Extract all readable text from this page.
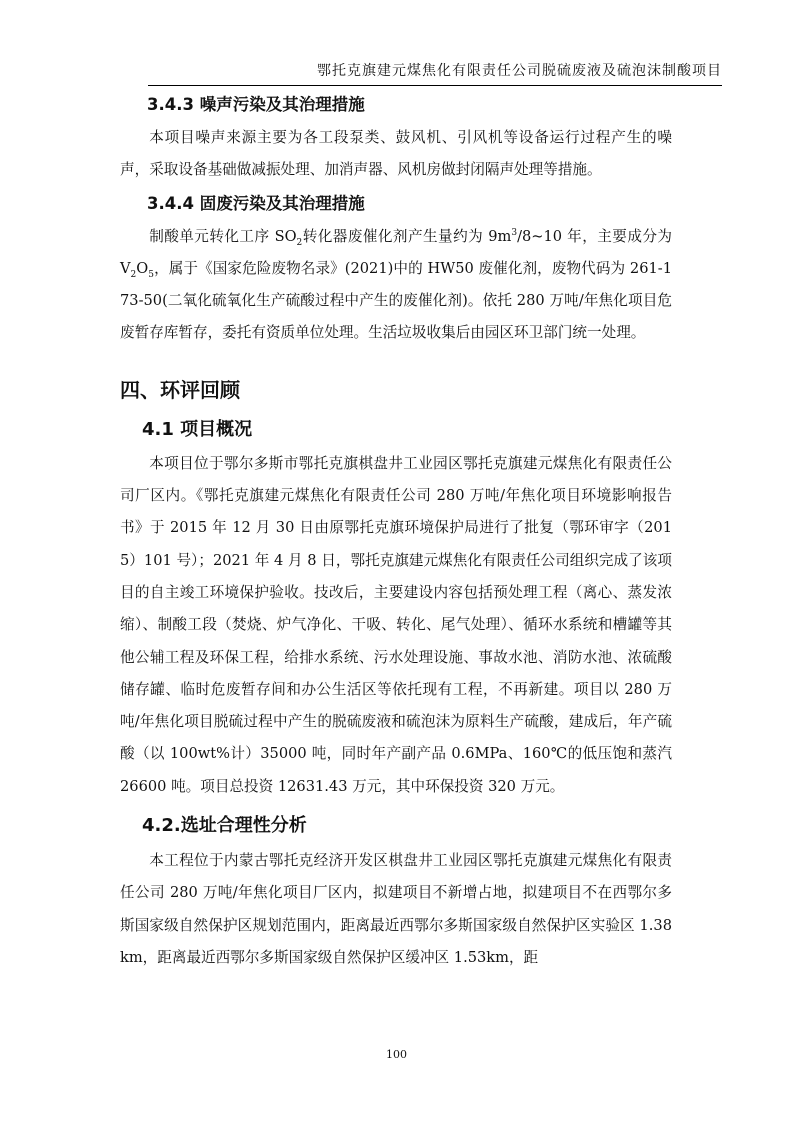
鄂托克旗建元煤焦化有限责任公司脱硫废液及硫泡沫制酸项目
3.4.3 噪声污染及其治理措施

本项目噪声来源主要为各工段泵类、鼓风机、引风机等设备运行过程产生的噪声，采取设备基础做减振处理、加消声器、风机房做封闭隔声处理等措施。

3.4.4 固废污染及其治理措施

制酸单元转化工序 $SO_2$转化器废催化剂产生量约为 $9m^3/8\sim 10$ 年，主要成分为 $V_2O_5$，属于《国家危险废物名录》(2021)中的 HW50 废催化剂，废物代码为 261-173-50(二氧化硫氧化生产硫酸过程中产生的废催化剂)。依托 280 万吨/年焦化项目危废暂存库暂存，委托有资质单位处理。生活垃圾收集后由园区环卫部门统一处理。

四、环评回顾
4.1 项目概况

本项目位于鄂尔多斯市鄂托克旗棋盘井工业园区鄂托克旗建元煤焦化有限责任公司厂区内。《鄂托克旗建元煤焦化有限责任公司 280 万吨/年焦化项目环境影响报告书》于 2015 年 12 月 30 日由原鄂托克旗环境保护局进行了批复（鄂环审字（2015）101 号）；2021 年 4 月 8 日，鄂托克旗建元煤焦化有限责任公司组织完成了该项目的自主竣工环境保护验收。技改后，主要建设内容包括预处理工程（离心、蒸发浓缩）、制酸工段（焚烧、炉气净化、干吸、转化、尾气处理）、循环水系统和槽罐等其他公辅工程及环保工程，给排水系统、污水处理设施、事故水池、消防水池、浓硫酸储存罐、临时危废暂存间和办公生活区等依托现有工程，不再新建。项目以 280 万吨/年焦化项目脱硫过程中产生的脱硫废液和硫泡沫为原料生产硫酸，建成后，年产硫酸（以 100wt%计）35000 吨，同时年产副产品 0.6MPa、160℃的低压饱和蒸汽 26600 吨。项目总投资 12631.43 万元，其中环保投资 320 万元。

4.2.选址合理性分析

本工程位于内蒙古鄂托克经济开发区棋盘井工业园区鄂托克旗建元煤焦化有限责任公司 280 万吨/年焦化项目厂区内，拟建项目不新增占地，拟建项目不在西鄂尔多斯国家级自然保护区规划范围内，距离最近西鄂尔多斯国家级自然保护区实验区 1.38km，距离最近西鄂尔多斯国家级自然保护区缓冲区 1.53km，距

100
